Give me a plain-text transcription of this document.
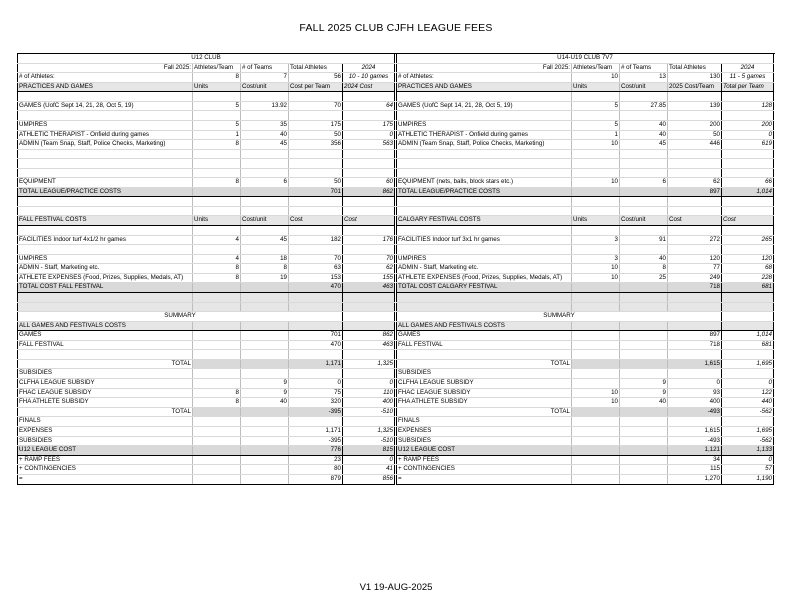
FALL 2025 CLUB CJFH LEAGUE FEES
U12 CLUB				
Fall 2025:	Athletes/Team	# of Teams	Total Athletes	2024
# of Athletes:	8	7	56	10 - 10 games
PRACTICES AND GAMES	Units	Cost/unit	Cost per Team	2024 Cost

GAMES (UofC Sept 14, 21, 28, Oct 5, 19)	5	13.92	70	64

UMPIRES	5	35	175	175
ATHLETIC THERAPIST - Onfield during games	1	40	50	0
ADMIN (Team Snap, Staff, Police Checks, Marketing)	8	45	356	563

EQUIPMENT	8	6	50	60
TOTAL LEAGUE/PRACTICE COSTS			701	862

FALL FESTIVAL COSTS	Units	Cost/unit	Cost	Cost

FACILITIES Indoor turf 4x1/2 hr games	4	45	182	176

UMPIRES	4	18	70	70
ADMIN - Staff, Marketing etc.	8	8	63	62
ATHLETE EXPENSES (Food, Prizes, Supplies, Medals, AT)	8	19	153	155
TOTAL COST FALL FESTIVAL			470	463

SUMMARY				
ALL GAMES AND FESTIVALS COSTS				
GAMES			701	862
FALL FESTIVAL			470	463

TOTAL			1,171	1,325
SUBSIDIES				
CLFHA LEAGUE SUBSIDY		9	0	0
FHAC LEAGUE SUBSIDY	8	9	75	110
FHA ATHLETE SUBSIDY	8	40	320	400
TOTAL			-395	-510
FINALS				
EXPENSES			1,171	1,325
SUBSIDIES			-395	-510
U12 LEAGUE COST			776	815
+ RAMP FEES			23	0
+ CONTINGENCIES			80	41
=			879	856
U14-U19 CLUB 7V7				
Fall 2025:	Athletes/Team	# of Teams	Total Athletes	2024
# of Athletes:	10	13	130	11 - 5 games
PRACTICES AND GAMES	Units	Cost/unit	2025 Cost/Team	Total per Team

GAMES (UofC Sept 14, 21, 28, Oct 5, 19)	5	27.85	139	128

UMPIRES	5	40	200	200
ATHLETIC THERAPIST - Onfield during games	1	40	50	0
ADMIN (Team Snap, Staff, Police Checks, Marketing)	10	45	446	619

EQUIPMENT (nets, balls, block stars etc.)	10	6	62	66
TOTAL LEAGUE/PRACTICE COSTS			897	1,014

CALGARY FESTIVAL COSTS	Units	Cost/unit	Cost	Cost

FACILITIES Indoor turf 3x1 hr games	3	91	272	265

UMPIRES	3	40	120	120
ADMIN - Staff, Marketing etc.	10	8	77	68
ATHLETE EXPENSES (Food, Prizes, Supplies, Medals, AT)	10	25	249	228
TOTAL COST CALGARY FESTIVAL			718	681

SUMMARY				
ALL GAMES AND FESTIVALS COSTS				
GAMES			897	1,014
FALL FESTIVAL			718	681

TOTAL			1,615	1,695
SUBSIDIES				
CLFHA LEAGUE SUBSIDY		9	0	0
FHAC LEAGUE SUBSIDY	10	9	93	122
FHA ATHLETE SUBSIDY	10	40	400	440
TOTAL			-493	-562
FINALS				
EXPENSES			1,615	1,695
SUBSIDIES			-493	-562
U12 LEAGUE COST			1,121	1,133
+ RAMP FEES			34	0
+ CONTINGENCIES			115	57
=			1,270	1,190
V1 19-AUG-2025
